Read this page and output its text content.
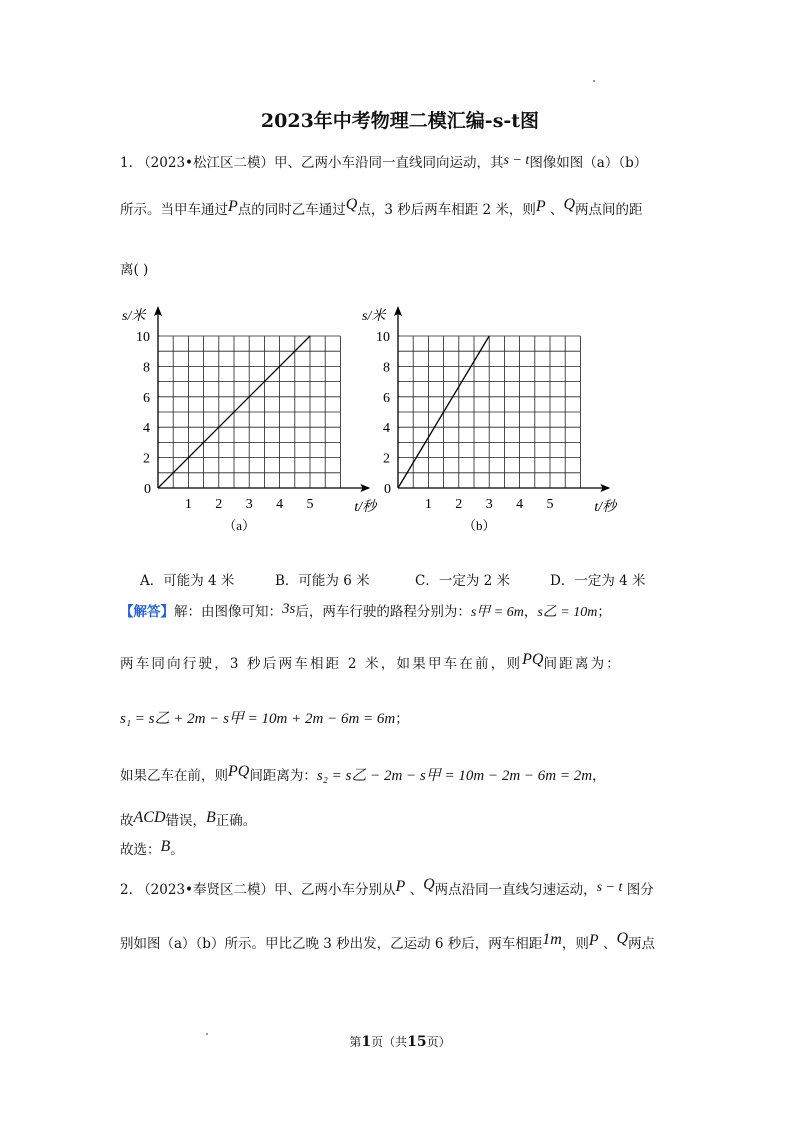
2023年中考物理二模汇编-s-t图
1. （2023•松江区二模）甲、乙两小车沿同一直线同向运动，其s − t图像如图（a）（b）
所示。当甲车通过P点的同时乙车通过Q点，3 秒后两车相距 2 米，则P 、Q两点间的距
离( )
0
2
4
6
8
10
1 2 3 4 5
s/米
t/秒
（a）
0
2
4
6
8
10
1 2 3 4 5
s/米
t/秒
（b）
A．可能为 4 米	B．可能为 6 米	C．一定为 2 米	D．一定为 4 米
【解答】解：由图像可知：3s后，两车行驶的路程分别为：s甲 = 6m，s乙 = 10m；
两车同向行驶，3 秒后两车相距 2 米，如果甲车在前，则PQ间距离为：
s₁ = s乙 + 2m − s甲 = 10m + 2m − 6m = 6m；
如果乙车在前，则PQ间距离为：s₂ = s乙 − 2m − s甲 = 10m − 2m − 6m = 2m，
故ACD错误，B正确。
故选：B。
2. （2023•奉贤区二模）甲、乙两小车分别从P 、Q两点沿同一直线匀速运动，s − t 图分
别如图（a）（b）所示。甲比乙晚 3 秒出发，乙运动 6 秒后，两车相距1m，则P 、Q两点
第1页（共15页）
